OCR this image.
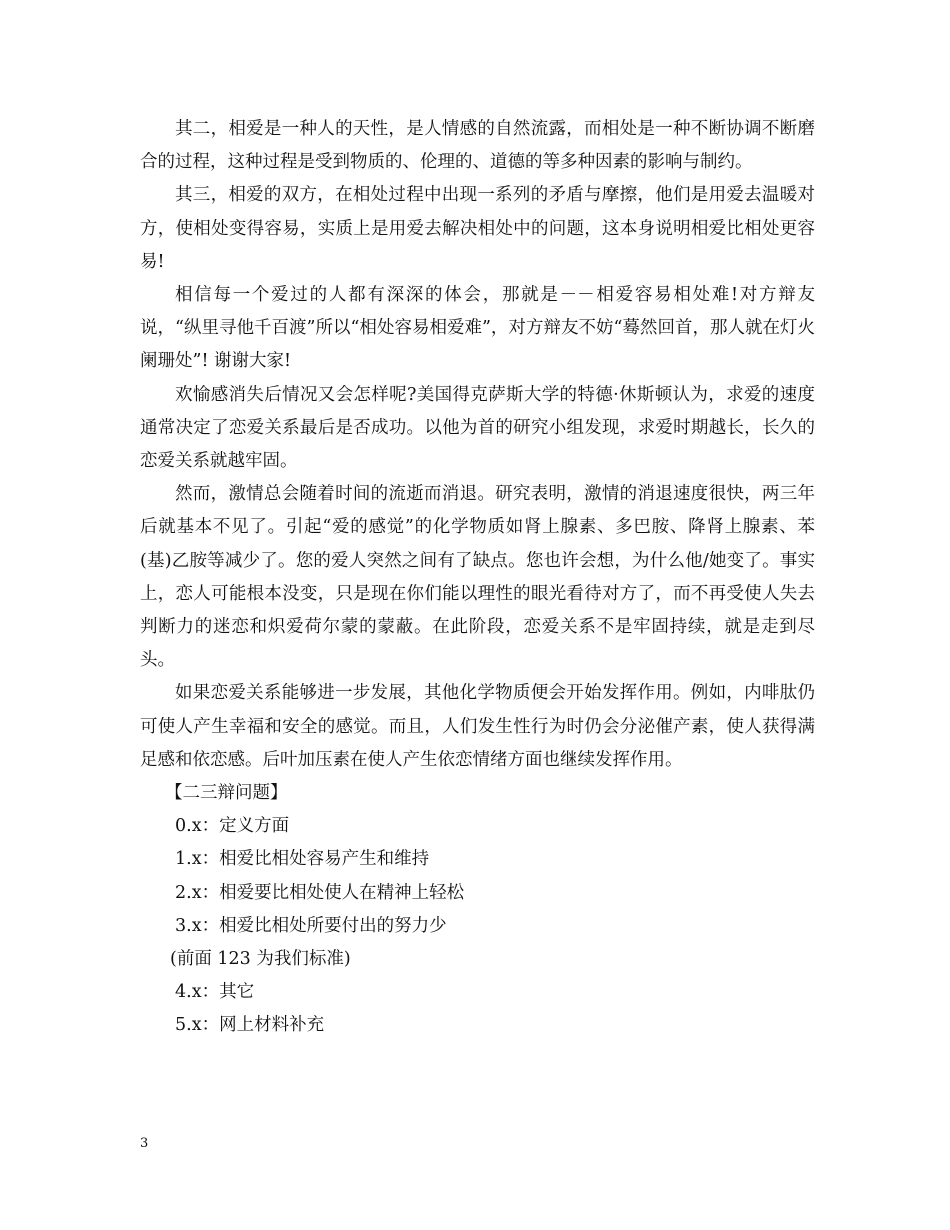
其二，相爱是一种人的天性，是人情感的自然流露，而相处是一种不断协调不断磨合的过程，这种过程是受到物质的、伦理的、道德的等多种因素的影响与制约。

其三，相爱的双方，在相处过程中出现一系列的矛盾与摩擦，他们是用爱去温暖对方，使相处变得容易，实质上是用爱去解决相处中的问题，这本身说明相爱比相处更容易!

相信每一个爱过的人都有深深的体会，那就是－－相爱容易相处难!对方辩友说，“纵里寻他千百渡”所以“相处容易相爱难”，对方辩友不妨“蓦然回首，那人就在灯火阑珊处”! 谢谢大家!

欢愉感消失后情况又会怎样呢?美国得克萨斯大学的特德·休斯顿认为，求爱的速度通常决定了恋爱关系最后是否成功。以他为首的研究小组发现，求爱时期越长，长久的恋爱关系就越牢固。

然而，激情总会随着时间的流逝而消退。研究表明，激情的消退速度很快，两三年后就基本不见了。引起“爱的感觉”的化学物质如肾上腺素、多巴胺、降肾上腺素、苯(基)乙胺等减少了。您的爱人突然之间有了缺点。您也许会想，为什么他/她变了。事实上，恋人可能根本没变，只是现在你们能以理性的眼光看待对方了，而不再受使人失去判断力的迷恋和炽爱荷尔蒙的蒙蔽。在此阶段，恋爱关系不是牢固持续，就是走到尽头。

如果恋爱关系能够进一步发展，其他化学物质便会开始发挥作用。例如，内啡肽仍可使人产生幸福和安全的感觉。而且，人们发生性行为时仍会分泌催产素，使人获得满足感和依恋感。后叶加压素在使人产生依恋情绪方面也继续发挥作用。

【二三辩问题】

0.x：定义方面

1.x：相爱比相处容易产生和维持

2.x：相爱要比相处使人在精神上轻松

3.x：相爱比相处所要付出的努力少

(前面 123 为我们标准)

4.x：其它

5.x：网上材料补充

3
